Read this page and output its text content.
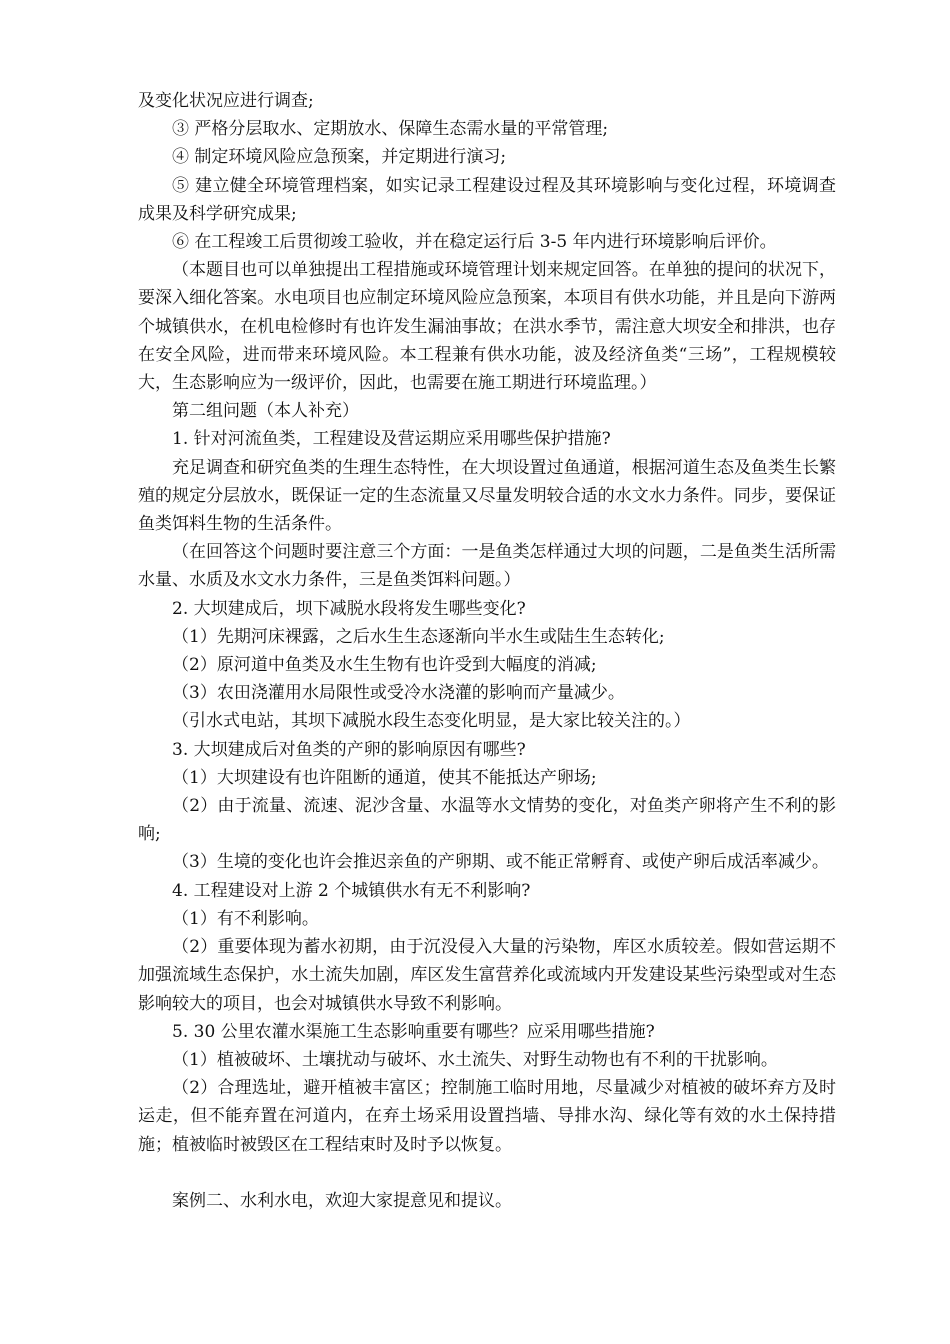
及变化状况应进行调查;

③ 严格分层取水、定期放水、保障生态需水量的平常管理;

④ 制定环境风险应急预案，并定期进行演习;

⑤ 建立健全环境管理档案，如实记录工程建设过程及其环境影响与变化过程，环境调查成果及科学研究成果;

⑥ 在工程竣工后贯彻竣工验收，并在稳定运行后 3-5 年内进行环境影响后评价。

（本题目也可以单独提出工程措施或环境管理计划来规定回答。在单独的提问的状况下，要深入细化答案。水电项目也应制定环境风险应急预案，本项目有供水功能，并且是向下游两个城镇供水，在机电检修时有也许发生漏油事故；在洪水季节，需注意大坝安全和排洪，也存在安全风险，进而带来环境风险。本工程兼有供水功能，波及经济鱼类“三场”，工程规模较大，生态影响应为一级评价，因此，也需要在施工期进行环境监理。）

第二组问题（本人补充）

1. 针对河流鱼类，工程建设及营运期应采用哪些保护措施?

充足调查和研究鱼类的生理生态特性，在大坝设置过鱼通道，根据河道生态及鱼类生长繁殖的规定分层放水，既保证一定的生态流量又尽量发明较合适的水文水力条件。同步，要保证鱼类饵料生物的生活条件。

（在回答这个问题时要注意三个方面：一是鱼类怎样通过大坝的问题，二是鱼类生活所需水量、水质及水文水力条件，三是鱼类饵料问题。）

2. 大坝建成后，坝下减脱水段将发生哪些变化?

（1）先期河床裸露，之后水生生态逐渐向半水生或陆生生态转化;

（2）原河道中鱼类及水生生物有也许受到大幅度的消减;

（3）农田浇灌用水局限性或受冷水浇灌的影响而产量减少。

（引水式电站，其坝下减脱水段生态变化明显，是大家比较关注的。）

3. 大坝建成后对鱼类的产卵的影响原因有哪些?

（1）大坝建设有也许阻断的通道，使其不能抵达产卵场;

（2）由于流量、流速、泥沙含量、水温等水文情势的变化，对鱼类产卵将产生不利的影响;

（3）生境的变化也许会推迟亲鱼的产卵期、或不能正常孵育、或使产卵后成活率减少。

4. 工程建设对上游 2 个城镇供水有无不利影响?

（1）有不利影响。

（2）重要体现为蓄水初期，由于沉没侵入大量的污染物，库区水质较差。假如营运期不加强流域生态保护，水土流失加剧，库区发生富营养化或流域内开发建设某些污染型或对生态影响较大的项目，也会对城镇供水导致不利影响。

5. 30 公里农灌水渠施工生态影响重要有哪些？应采用哪些措施?

（1）植被破坏、土壤扰动与破坏、水土流失、对野生动物也有不利的干扰影响。

（2）合理选址，避开植被丰富区；控制施工临时用地，尽量减少对植被的破坏弃方及时运走，但不能弃置在河道内，在弃土场采用设置挡墙、导排水沟、绿化等有效的水土保持措施；植被临时被毁区在工程结束时及时予以恢复。

案例二、水利水电，欢迎大家提意见和提议。
